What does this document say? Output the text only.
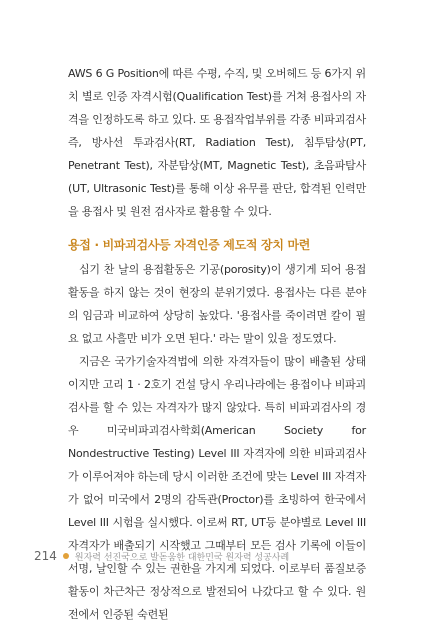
AWS 6 G Position에 따른 수평, 수직, 및 오버헤드 등 6가지 위치 별로 인증 자격시험(Qualification Test)를 거쳐 용접사의 자격을 인정하도록 하고 있다. 또 용접작업부위를 각종 비파괴검사즉, 방사선 투과검사(RT, Radiation Test), 침투탐상(PT, Penetrant Test), 자분탐상(MT, Magnetic Test), 초음파탐사(UT, Ultrasonic Test)를 통해 이상 유무를 판단, 합격된 인력만을 용접사 및 원전 검사자로 활용할 수 있다.

용접 · 비파괴검사등 자격인증 제도적 장치 마련

십기 찬 날의 용접활동은 기공(porosity)이 생기게 되어 용접활동을 하지 않는 것이 현장의 분위기였다. 용접사는 다른 분야의 임금과 비교하여 상당히 높았다. '용접사를 죽이려면 칼이 필요 없고 사흘만 비가 오면 된다.' 라는 말이 있을 정도였다.

지금은 국가기술자격법에 의한 자격자들이 많이 배출된 상태이지만 고리 1 · 2호기 건설 당시 우리나라에는 용접이나 비파괴검사를 할 수 있는 자격자가 많지 않았다. 특히 비파괴검사의 경우 미국비파괴검사학회(American Society for Nondestructive Testing) Level III 자격자에 의한 비파괴검사가 이루어져야 하는데 당시 이러한 조건에 맞는 Level III 자격자가 없어 미국에서 2명의 감독관(Proctor)를 초빙하여 한국에서 Level III 시험을 실시했다. 이로써 RT, UT등 분야별로 Level III 자격자가 배출되기 시작했고 그때부터 모든 검사 기록에 이들이 서명, 날인할 수 있는 권한을 가지게 되었다. 이로부터 품질보증활동이 차근차근 정상적으로 발전되어 나갔다고 할 수 있다. 원전에서 인증된 숙련된

214 원자력 선진국으로 발돋움한 대한민국 원자력 성공사례
